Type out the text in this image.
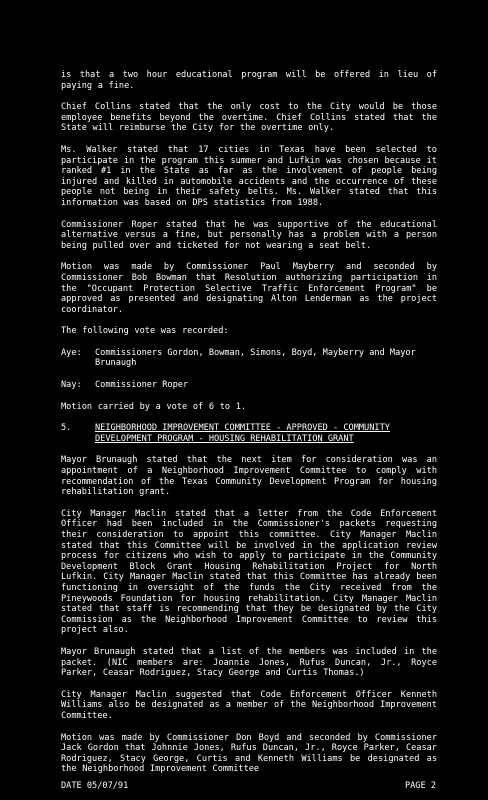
is that a two hour educational program will be offered in lieu of paying a fine.

Chief Collins stated that the only cost to the City would be those employee benefits beyond the overtime. Chief Collins stated that the State will reimburse the City for the overtime only.

Ms. Walker stated that 17 cities in Texas have been selected to participate in the program this summer and Lufkin was chosen because it ranked #1 in the State as far as the involvement of people being injured and killed in automobile accidents and the occurrence of these people not being in their safety belts. Ms. Walker stated that this information was based on DPS statistics from 1988.

Commissioner Roper stated that he was supportive of the educational alternative versus a fine, but personally has a problem with a person being pulled over and ticketed for not wearing a seat belt.

Motion was made by Commissioner Paul Mayberry and seconded by Commissioner Bob Bowman that Resolution authorizing participation in the "Occupant Protection Selective Traffic Enforcement Program" be approved as presented and designating Alton Lenderman as the project coordinator.

The following vote was recorded:

Aye:	Commissioners Gordon, Bowman, Simons, Boyd, Mayberry and Mayor Brunaugh
Nay:	Commissioner Roper

Motion carried by a vote of 6 to 1.

5.	NEIGHBORHOOD IMPROVEMENT COMMITTEE - APPROVED - COMMUNITY DEVELOPMENT PROGRAM - HOUSING REHABILITATION GRANT

Mayor Brunaugh stated that the next item for consideration was an appointment of a Neighborhood Improvement Committee to comply with recommendation of the Texas Community Development Program for housing rehabilitation grant.

City Manager Maclin stated that a letter from the Code Enforcement Officer had been included in the Commissioner's packets requesting their consideration to appoint this committee. City Manager Maclin stated that this Committee will be involved in the application review process for citizens who wish to apply to participate in the Community Development Block Grant Housing Rehabilitation Project for North Lufkin. City Manager Maclin stated that this Committee has already been functioning in oversight of the funds the City received from the Pineywoods Foundation for housing rehabilitation. City Manager Maclin stated that staff is recommending that they be designated by the City Commission as the Neighborhood Improvement Committee to review this project also.

Mayor Brunaugh stated that a list of the members was included in the packet. (NIC members are: Joannie Jones, Rufus Duncan, Jr., Royce Parker, Ceasar Rodriguez, Stacy George and Curtis Thomas.)

City Manager Maclin suggested that Code Enforcement Officer Kenneth Williams also be designated as a member of the Neighborhood Improvement Committee.

Motion was made by Commissioner Don Boyd and seconded by Commissioner Jack Gordon that Johnnie Jones, Rufus Duncan, Jr., Royce Parker, Ceasar Rodriguez, Stacy George, Curtis and Kenneth Williams be designated as the Neighborhood Improvement Committee

DATE 05/07/91	PAGE 2
